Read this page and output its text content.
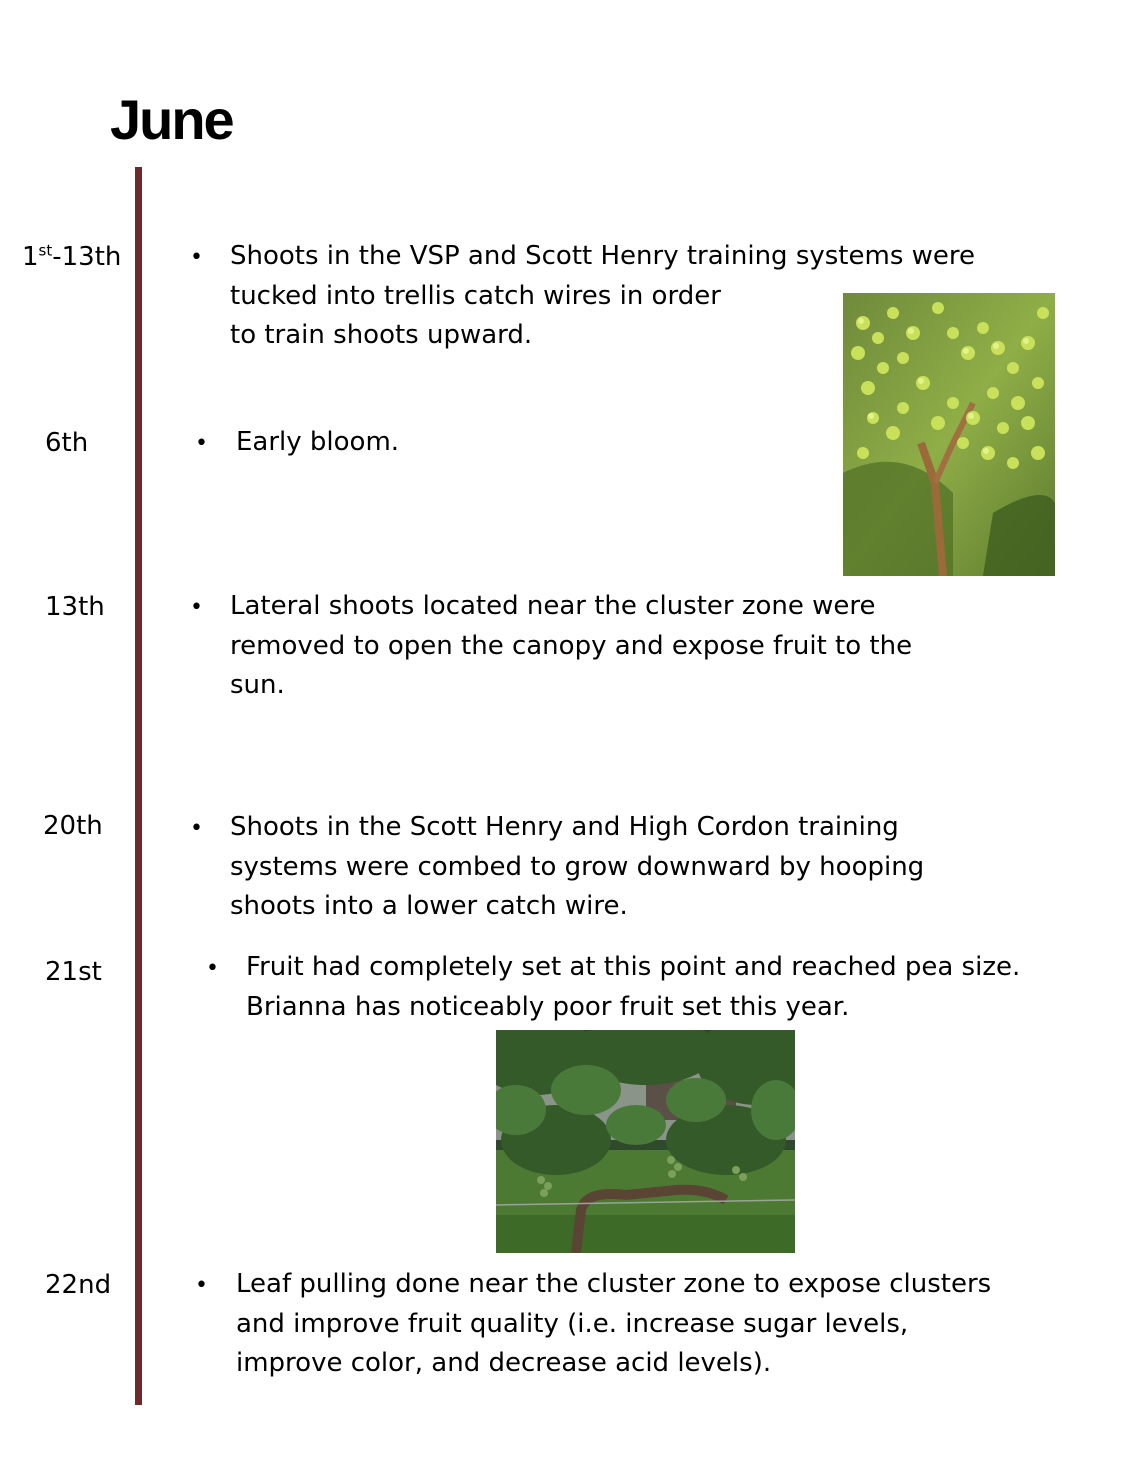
June
1st-13th	• Shoots in the VSP and Scott Henry training systems were
tucked into trellis catch wires in order
to train shoots upward.
6th	• Early bloom.
13th	• Lateral shoots located near the cluster zone were
removed to open the canopy and expose fruit to the
sun.
20th	• Shoots in the Scott Henry and High Cordon training
systems were combed to grow downward by hooping
shoots into a lower catch wire.
21st	• Fruit had completely set at this point and reached pea size.
Brianna has noticeably poor fruit set this year.
22nd	• Leaf pulling done near the cluster zone to expose clusters
and improve fruit quality (i.e. increase sugar levels,
improve color, and decrease acid levels).
